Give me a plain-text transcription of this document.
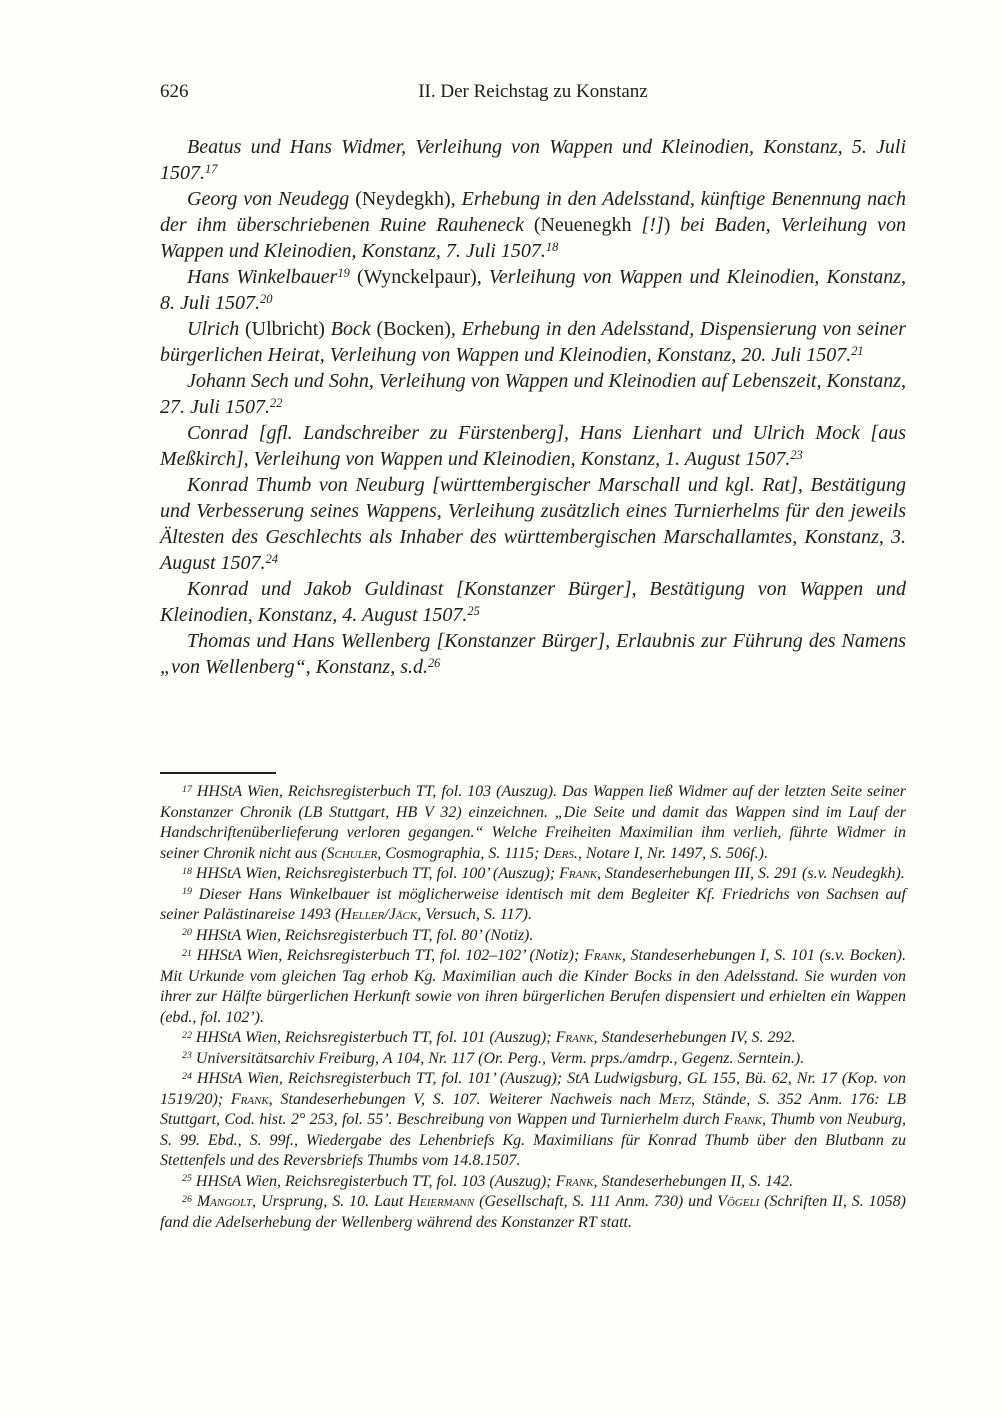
626	II. Der Reichstag zu Konstanz

Beatus und Hans Widmer, Verleihung von Wappen und Kleinodien, Konstanz, 5. Juli 1507.17

Georg von Neudegg (Neydegkh), Erhebung in den Adelsstand, künftige Benennung nach der ihm überschriebenen Ruine Rauheneck (Neuenegkh [!]) bei Baden, Verleihung von Wappen und Kleinodien, Konstanz, 7. Juli 1507.18

Hans Winkelbauer$^{19}$ (Wynckelpaur), Verleihung von Wappen und Kleinodien, Konstanz, 8. Juli 1507.20

Ulrich (Ulbricht) Bock (Bocken), Erhebung in den Adelsstand, Dispensierung von seiner bürgerlichen Heirat, Verleihung von Wappen und Kleinodien, Konstanz, 20. Juli 1507.21

Johann Sech und Sohn, Verleihung von Wappen und Kleinodien auf Lebenszeit, Konstanz, 27. Juli 1507.22

Conrad [gfl. Landschreiber zu Fürstenberg], Hans Lienhart und Ulrich Mock [aus Meßkirch], Verleihung von Wappen und Kleinodien, Konstanz, 1. August 1507.23

Konrad Thumb von Neuburg [württembergischer Marschall und kgl. Rat], Bestätigung und Verbesserung seines Wappens, Verleihung zusätzlich eines Turnierhelms für den jeweils Ältesten des Geschlechts als Inhaber des württembergischen Marschallamtes, Konstanz, 3. August 1507.24

Konrad und Jakob Guldinast [Konstanzer Bürger], Bestätigung von Wappen und Kleinodien, Konstanz, 4. August 1507.25

Thomas und Hans Wellenberg [Konstanzer Bürger], Erlaubnis zur Führung des Namens „von Wellenberg“, Konstanz, s.d.$^{26}$

$^{17}$ HHStA Wien, Reichsregisterbuch TT, fol. 103 (Auszug). Das Wappen ließ Widmer auf der letzten Seite seiner Konstanzer Chronik (LB Stuttgart, HB V 32) einzeichnen. „Die Seite und damit das Wappen sind im Lauf der Handschriftenüberlieferung verloren gegangen.“ Welche Freiheiten Maximilian ihm verlieh, führte Widmer in seiner Chronik nicht aus (Schuler, Cosmographia, S. 1115; Ders., Notare I, Nr. 1497, S. 506f.).

$^{18}$ HHStA Wien, Reichsregisterbuch TT, fol. 100’ (Auszug); Frank, Standeserhebungen III, S. 291 (s.v. Neudegkh).

$^{19}$ Dieser Hans Winkelbauer ist möglicherweise identisch mit dem Begleiter Kf. Friedrichs von Sachsen auf seiner Palästinareise 1493 (Heller/Jäck, Versuch, S. 117).

$^{20}$ HHStA Wien, Reichsregisterbuch TT, fol. 80’ (Notiz).

$^{21}$ HHStA Wien, Reichsregisterbuch TT, fol. 102–102’ (Notiz); Frank, Standeserhebungen I, S. 101 (s.v. Bocken). Mit Urkunde vom gleichen Tag erhob Kg. Maximilian auch die Kinder Bocks in den Adelsstand. Sie wurden von ihrer zur Hälfte bürgerlichen Herkunft sowie von ihren bürgerlichen Berufen dispensiert und erhielten ein Wappen (ebd., fol. 102’).

$^{22}$ HHStA Wien, Reichsregisterbuch TT, fol. 101 (Auszug); Frank, Standeserhebungen IV, S. 292.

$^{23}$ Universitätsarchiv Freiburg, A 104, Nr. 117 (Or. Perg., Verm. prps./amdrp., Gegenz. Serntein.).

$^{24}$ HHStA Wien, Reichsregisterbuch TT, fol. 101’ (Auszug); StA Ludwigsburg, GL 155, Bü. 62, Nr. 17 (Kop. von 1519/20); Frank, Standeserhebungen V, S. 107. Weiterer Nachweis nach Metz, Stände, S. 352 Anm. 176: LB Stuttgart, Cod. hist. 2° 253, fol. 55’. Beschreibung von Wappen und Turnierhelm durch Frank, Thumb von Neuburg, S. 99. Ebd., S. 99f., Wiedergabe des Lehenbriefs Kg. Maximilians für Konrad Thumb über den Blutbann zu Stettenfels und des Reversbriefs Thumbs vom 14.8.1507.

$^{25}$ HHStA Wien, Reichsregisterbuch TT, fol. 103 (Auszug); Frank, Standeserhebungen II, S. 142.

$^{26}$ Mangolt, Ursprung, S. 10. Laut Heiermann (Gesellschaft, S. 111 Anm. 730) und Vögeli (Schriften II, S. 1058) fand die Adelserhebung der Wellenberg während des Konstanzer RT statt.
